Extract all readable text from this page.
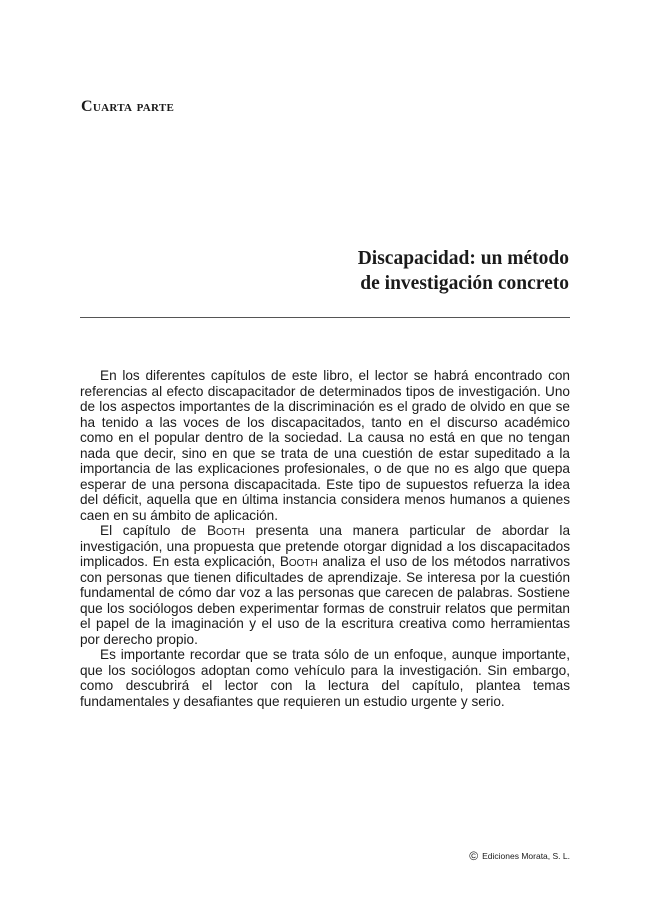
Cuarta parte
Discapacidad: un método
de investigación concreto

En los diferentes capítulos de este libro, el lector se habrá encontrado con referencias al efecto discapacitador de determinados tipos de investigación. Uno de los aspectos importantes de la discriminación es el grado de olvido en que se ha tenido a las voces de los discapacitados, tanto en el discurso académico como en el popular dentro de la sociedad. La causa no está en que no tengan nada que decir, sino en que se trata de una cuestión de estar supeditado a la importancia de las explicaciones profesionales, o de que no es algo que quepa esperar de una persona discapacitada. Este tipo de supuestos refuerza la idea del déficit, aquella que en última instancia considera menos humanos a quienes caen en su ámbito de aplicación.

El capítulo de Booth presenta una manera particular de abordar la investigación, una propuesta que pretende otorgar dignidad a los discapacitados implicados. En esta explicación, Booth analiza el uso de los métodos narrativos con personas que tienen dificultades de aprendizaje. Se interesa por la cuestión fundamental de cómo dar voz a las personas que carecen de palabras. Sostiene que los sociólogos deben experimentar formas de construir relatos que permitan el papel de la imaginación y el uso de la escritura creativa como herramientas por derecho propio.

Es importante recordar que se trata sólo de un enfoque, aunque importante, que los sociólogos adoptan como vehículo para la investigación. Sin embargo, como descubrirá el lector con la lectura del capítulo, plantea temas fundamentales y desafiantes que requieren un estudio urgente y serio.

© Ediciones Morata, S. L.
